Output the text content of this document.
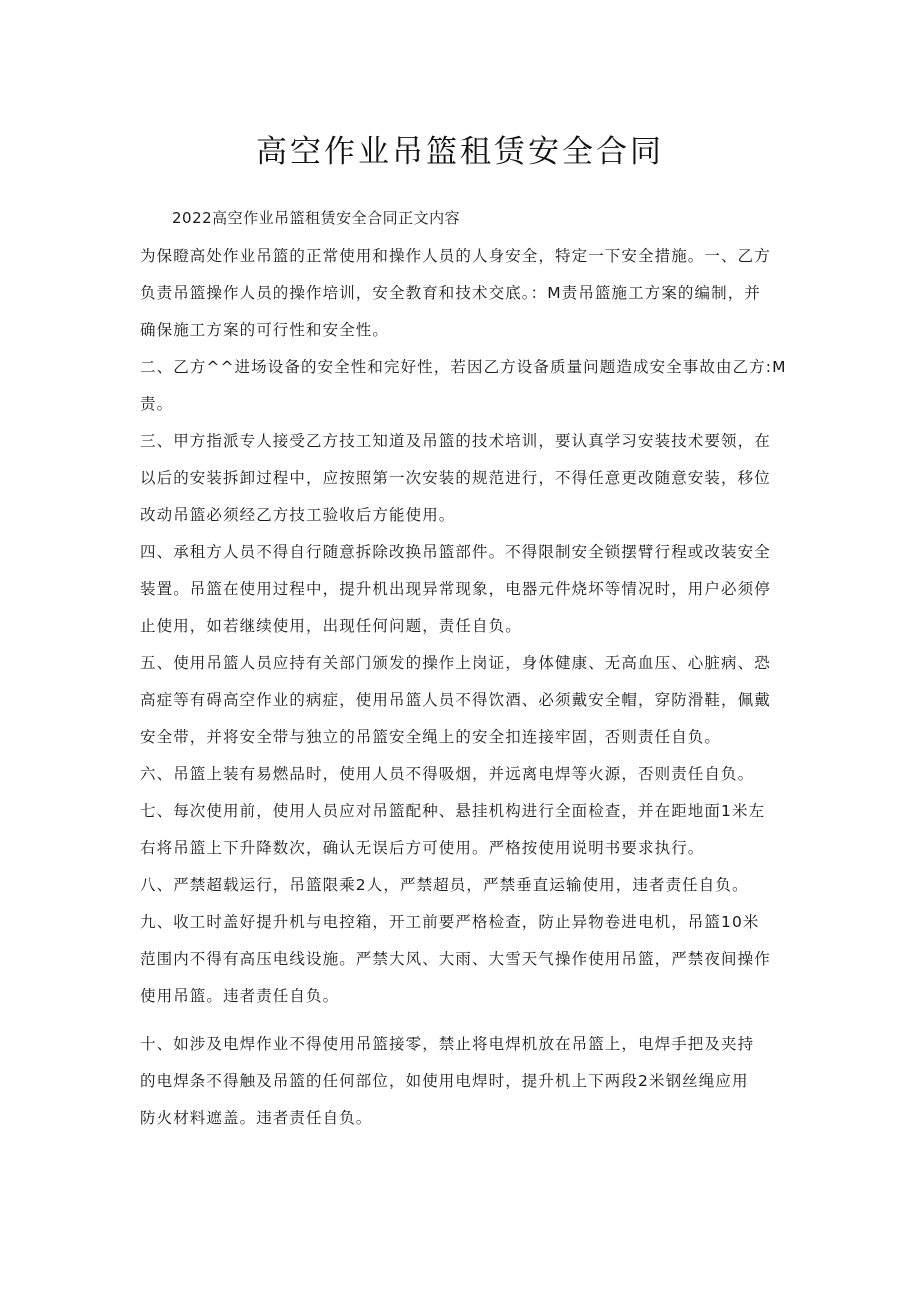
高空作业吊篮租赁安全合同

2022高空作业吊篮租赁安全合同正文内容

为保瞪高处作业吊篮的正常使用和操作人员的人身安全，特定一下安全措施。一、乙方

负责吊篮操作人员的操作培训，安全教育和技术交底。：M责吊篮施工方案的编制，并

确保施工方案的可行性和安全性。

二、乙方^^进场设备的安全性和完好性，若因乙方设备质量问题造成安全事故由乙方:M

责。

三、甲方指派专人接受乙方技工知道及吊篮的技术培训，要认真学习安装技术要领，在

以后的安装拆卸过程中，应按照第一次安装的规范进行，不得任意更改随意安装，移位

改动吊篮必须经乙方技工验收后方能使用。

四、承租方人员不得自行随意拆除改换吊篮部件。不得限制安全锁摆臂行程或改装安全

装置。吊篮在使用过程中，提升机出现异常现象，电器元件烧坏等情况时，用户必须停

止使用，如若继续使用，出现任何问题，责任自负。

五、使用吊篮人员应持有关部门颁发的操作上岗证，身体健康、无高血压、心脏病、恐

高症等有碍高空作业的病症，使用吊篮人员不得饮酒、必须戴安全帽，穿防滑鞋，佩戴

安全带，并将安全带与独立的吊篮安全绳上的安全扣连接牢固，否则责任自负。

六、吊篮上装有易燃品时，使用人员不得吸烟，并远离电焊等火源，否则责任自负。

七、每次使用前，使用人员应对吊篮配种、悬挂机构进行全面检查，并在距地面1米左

右将吊篮上下升降数次，确认无误后方可使用。严格按使用说明书要求执行。

八、严禁超载运行，吊篮限乘2人，严禁超员，严禁垂直运输使用，违者责任自负。

九、收工时盖好提升机与电控箱，开工前要严格检查，防止异物卷进电机，吊篮10米

范围内不得有高压电线设施。严禁大风、大雨、大雪天气操作使用吊篮，严禁夜间操作

使用吊篮。违者责任自负。

十、如涉及电焊作业不得使用吊篮接零，禁止将电焊机放在吊篮上，电焊手把及夹持

的电焊条不得触及吊篮的任何部位，如使用电焊时，提升机上下两段2米钢丝绳应用

防火材料遮盖。违者责任自负。
